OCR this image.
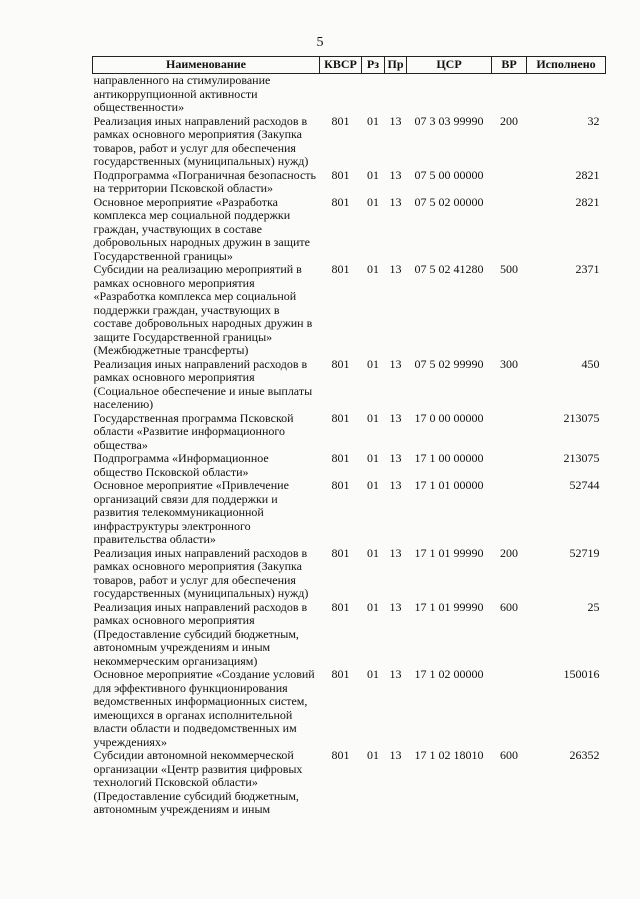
5
Наименование	КВСР	Рз	Пр	ЦСР	ВР	Исполнено
направленного на стимулирование антикоррупционной активности общественности»						
Реализация иных направлений расходов в рамках основного мероприятия (Закупка товаров, работ и услуг для обеспечения государственных (муниципальных) нужд)	801	01	13	07 3 03 99990	200	32
Подпрограмма «Пограничная безопасность на территории Псковской области»	801	01	13	07 5 00 00000		2821
Основное мероприятие «Разработка комплекса мер социальной поддержки граждан, участвующих в составе добровольных народных дружин в защите Государственной границы»	801	01	13	07 5 02 00000		2821
Субсидии на реализацию мероприятий в рамках основного мероприятия «Разработка комплекса мер социальной поддержки граждан, участвующих в составе добровольных народных дружин в защите Государственной границы» (Межбюджетные трансферты)	801	01	13	07 5 02 41280	500	2371
Реализация иных направлений расходов в рамках основного мероприятия (Социальное обеспечение и иные выплаты населению)	801	01	13	07 5 02 99990	300	450
Государственная программа Псковской области «Развитие информационного общества»	801	01	13	17 0 00 00000		213075
Подпрограмма «Информационное общество Псковской области»	801	01	13	17 1 00 00000		213075
Основное мероприятие «Привлечение организаций связи для поддержки и развития телекоммуникационной инфраструктуры электронного правительства области»	801	01	13	17 1 01 00000		52744
Реализация иных направлений расходов в рамках основного мероприятия (Закупка товаров, работ и услуг для обеспечения государственных (муниципальных) нужд)	801	01	13	17 1 01 99990	200	52719
Реализация иных направлений расходов в рамках основного мероприятия (Предоставление субсидий бюджетным, автономным учреждениям и иным некоммерческим организациям)	801	01	13	17 1 01 99990	600	25
Основное мероприятие «Создание условий для эффективного функционирования ведомственных информационных систем, имеющихся в органах исполнительной власти области и подведомственных им учреждениях»	801	01	13	17 1 02 00000		150016
Субсидии автономной некоммерческой организации «Центр развития цифровых технологий Псковской области» (Предоставление субсидий бюджетным, автономным учреждениям и иным	801	01	13	17 1 02 18010	600	26352
